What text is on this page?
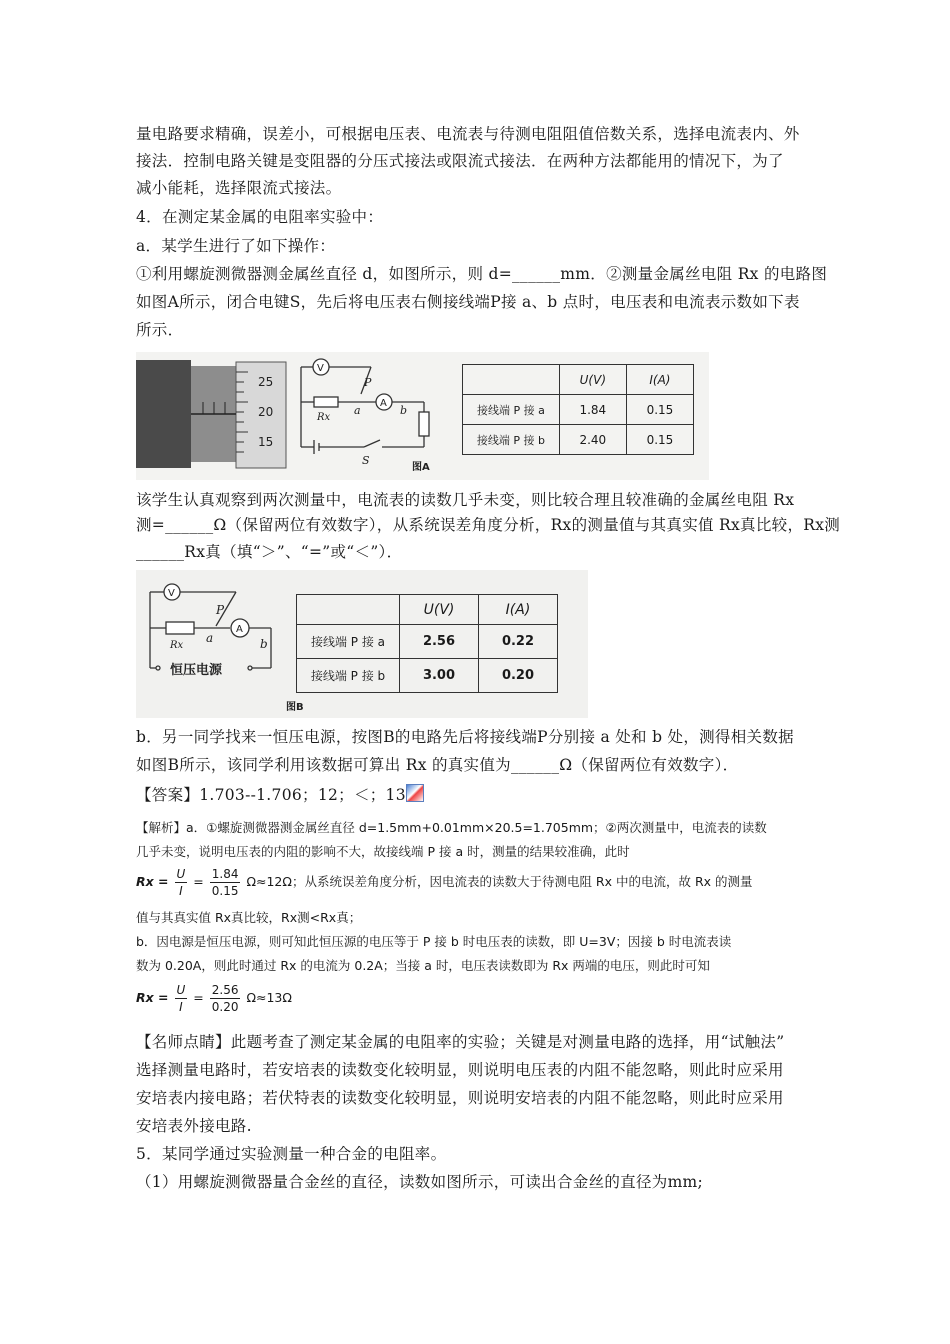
量电路要求精确，误差小，可根据电压表、电流表与待测电阻阻值倍数关系，选择电流表内、外
接法．控制电路关键是变阻器的分压式接法或限流式接法．在两种方法都能用的情况下，为了
减小能耗，选择限流式接法。
4．在测定某金属的电阻率实验中：
a．某学生进行了如下操作：
①利用螺旋测微器测金属丝直径 d，如图所示，则 d=______mm．②测量金属丝电阻 Rx 的电路图
如图A所示，闭合电键S，先后将电压表右侧接线端P接 a、b 点时，电压表和电流表示数如下表
所示．
25
20
15
V
A
P
Rx
a	b
S
图A
	U(V)	I(A)
接线端 P 接 a	1.84	0.15
接线端 P 接 b	2.40	0.15
该学生认真观察到两次测量中，电流表的读数几乎未变，则比较合理且较准确的金属丝电阻 Rx
测=______Ω（保留两位有效数字），从系统误差角度分析，Rx的测量值与其真实值 Rx真比较，Rx测
______Rx真（填“＞”、“=”或“＜”）．
V
A
P
Rx
a	b
恒压电源
图B
	U(V)	I(A)
接线端 P 接 a	2.56	0.22
接线端 P 接 b	3.00	0.20
b．另一同学找来一恒压电源，按图B的电路先后将接线端P分别接 a 处和 b 处，测得相关数据
如图B所示，该同学利用该数据可算出 Rx 的真实值为______Ω（保留两位有效数字）．
【答案】1.703--1.706；12；＜；13
【解析】a．①螺旋测微器测金属丝直径 d=1.5mm+0.01mm×20.5=1.705mm；②两次测量中，电流表的读数
几乎未变，说明电压表的内阻的影响不大，故接线端 P 接 a 时，测量的结果较准确，此时
$Rx = \frac{U}{I} = \frac{1.84}{0.15} \Omega\approx 12\Omega$；从系统误差角度分析，因电流表的读数大于待测电阻 Rx 中的电流，故 Rx 的测量
值与其真实值 Rx真比较，Rx测<Rx真；
b．因电源是恒压电源，则可知此恒压源的电压等于 P 接 b 时电压表的读数，即 U=3V；因接 b 时电流表读
数为 0.20A，则此时通过 Rx 的电流为 0.2A；当接 a 时，电压表读数即为 Rx 两端的电压，则此时可知
$Rx = \frac{U}{I} = \frac{2.56}{0.20} \Omega\approx 13\Omega$
【名师点睛】此题考查了测定某金属的电阻率的实验；关键是对测量电路的选择，用“试触法”
选择测量电路时，若安培表的读数变化较明显，则说明电压表的内阻不能忽略，则此时应采用
安培表内接电路；若伏特表的读数变化较明显，则说明安培表的内阻不能忽略，则此时应采用
安培表外接电路.
5．某同学通过实验测量一种合金的电阻率。
（1）用螺旋测微器量合金丝的直径，读数如图所示，可读出合金丝的直径为mm;
